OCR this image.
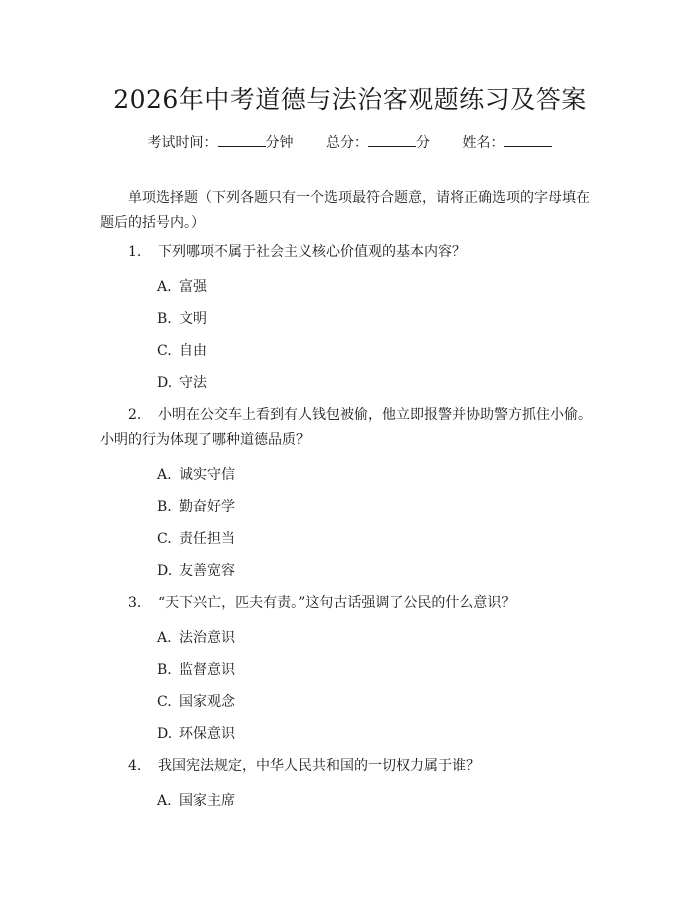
2026年中考道德与法治客观题练习及答案
考试时间：	分钟 总分：	分 姓名：
单项选择题（下列各题只有一个选项最符合题意，请将正确选项的字母填在题后的括号内。）

1. 下列哪项不属于社会主义核心价值观的基本内容？

A. 富强

B. 文明

C. 自由

D. 守法

2. 小明在公交车上看到有人钱包被偷，他立即报警并协助警方抓住小偷。小明的行为体现了哪种道德品质？

A. 诚实守信

B. 勤奋好学

C. 责任担当

D. 友善宽容

3. “天下兴亡，匹夫有责。”这句古话强调了公民的什么意识？

A. 法治意识

B. 监督意识

C. 国家观念

D. 环保意识

4. 我国宪法规定，中华人民共和国的一切权力属于谁？

A. 国家主席
